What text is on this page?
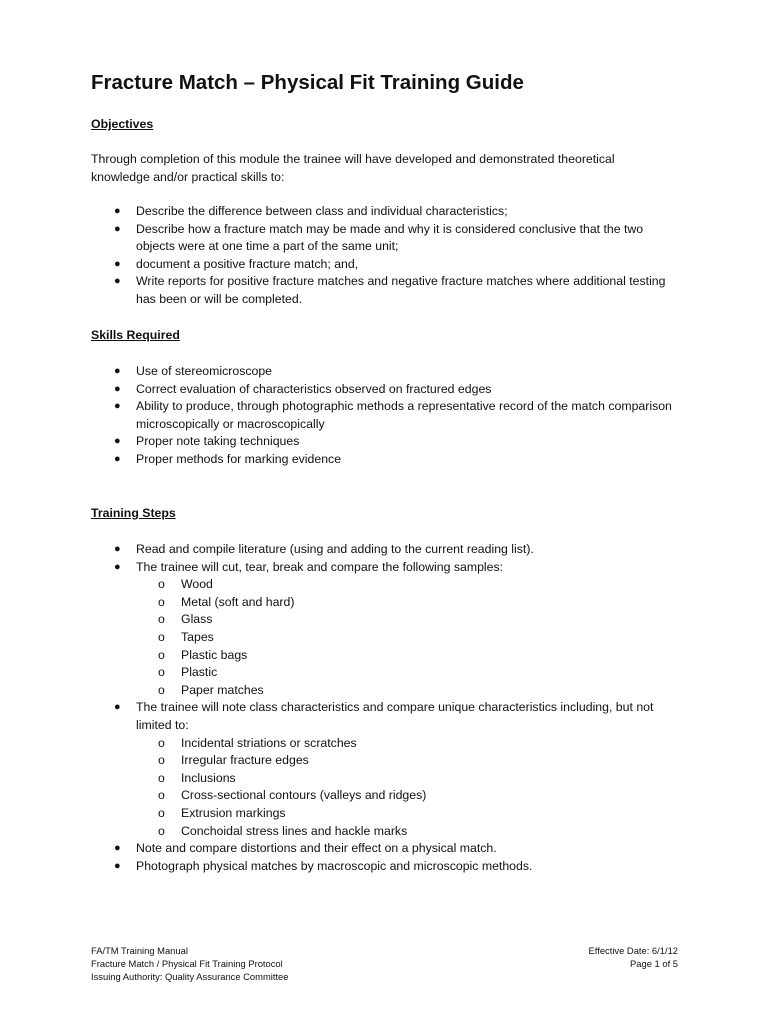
Fracture Match – Physical Fit Training Guide
Objectives

Through completion of this module the trainee will have developed and demonstrated theoretical knowledge and/or practical skills to:

● Describe the difference between class and individual characteristics;
● Describe how a fracture match may be made and why it is considered conclusive that the two objects were at one time a part of the same unit;
● document a positive fracture match; and,
● Write reports for positive fracture matches and negative fracture matches where additional testing has been or will be completed.
Skills Required
● Use of stereomicroscope
● Correct evaluation of characteristics observed on fractured edges
● Ability to produce, through photographic methods a representative record of the match comparison microscopically or macroscopically
● Proper note taking techniques
● Proper methods for marking evidence
Training Steps
● Read and compile literature (using and adding to the current reading list).
● The trainee will cut, tear, break and compare the following samples:
o Wood
o Metal (soft and hard)
o Glass
o Tapes
o Plastic bags
o Plastic
o Paper matches
● The trainee will note class characteristics and compare unique characteristics including, but not limited to:
o Incidental striations or scratches
o Irregular fracture edges
o Inclusions
o Cross-sectional contours (valleys and ridges)
o Extrusion markings
o Conchoidal stress lines and hackle marks
● Note and compare distortions and their effect on a physical match.
● Photograph physical matches by macroscopic and microscopic methods.
FA/TM Training Manual
Fracture Match / Physical Fit Training Protocol
Issuing Authority: Quality Assurance Committee
Effective Date: 6/1/12
Page 1 of 5
